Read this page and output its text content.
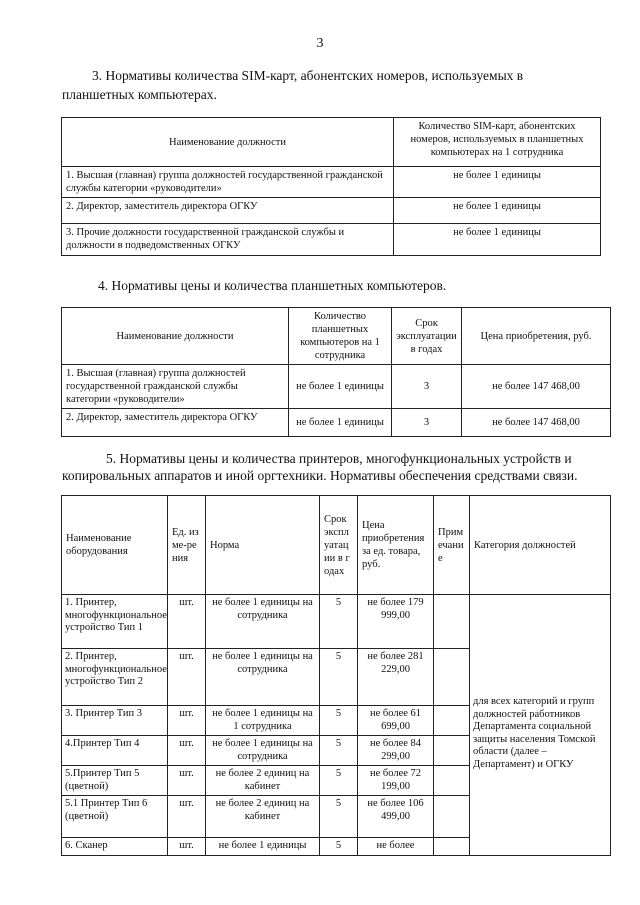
3
3. Нормативы количества SIM-карт, абонентских номеров, используемых в
планшетных компьютерах.
Наименование должности	Количество SIM-карт, абонентских номеров, используемых в планшетных компьютерах на 1 сотрудника
1. Высшая (главная) группа должностей государственной гражданской службы категории «руководители»	не более 1 единицы
2. Директор, заместитель директора ОГКУ	не более 1 единицы
3. Прочие должности государственной гражданской службы и должности в подведомственных ОГКУ	не более 1 единицы
4. Нормативы цены и количества планшетных компьютеров.
Наименование должности	Количество планшетных компьютеров на 1 сотрудника	Срок эксплуатации в годах	Цена приобретения, руб.
1. Высшая (главная) группа должностей государственной гражданской службы категории «руководители»	не более 1 единицы	3	не более 147 468,00
2. Директор, заместитель директора ОГКУ	не более 1 единицы	3	не более 147 468,00
5. Нормативы цены и количества принтеров, многофункциональных устройств и
копировальных аппаратов и иной оргтехники. Нормативы обеспечения средствами связи.
Наименование оборудования	Ед. изме-рения	Норма	Срок эксплуатации в годах	Цена приобретения за ед. товара, руб.	Примечание	Категория должностей
1. Принтер, многофункциональное устройство Тип 1	шт.	не более 1 единицы на сотрудника	5	не более 179 999,00		для всех категорий и групп должностей работников Департамента социальной защиты населения Томской области (далее – Департамент) и ОГКУ
2. Принтер, многофункциональное устройство Тип 2	шт.	не более 1 единицы на сотрудника	5	не более 281 229,00		
3. Принтер Тип 3	шт.	не более 1 единицы на 1 сотрудника	5	не более 61 699,00		
4.Принтер Тип 4	шт.	не более 1 единицы на сотрудника	5	не более 84 299,00		
5.Принтер Тип 5 (цветной)	шт.	не более 2 единиц на кабинет	5	не более 72 199,00		
5.1 Принтер Тип 6 (цветной)	шт.	не более 2 единиц на кабинет	5	не более 106 499,00		
6. Сканер	шт.	не более 1 единицы	5	не более		
